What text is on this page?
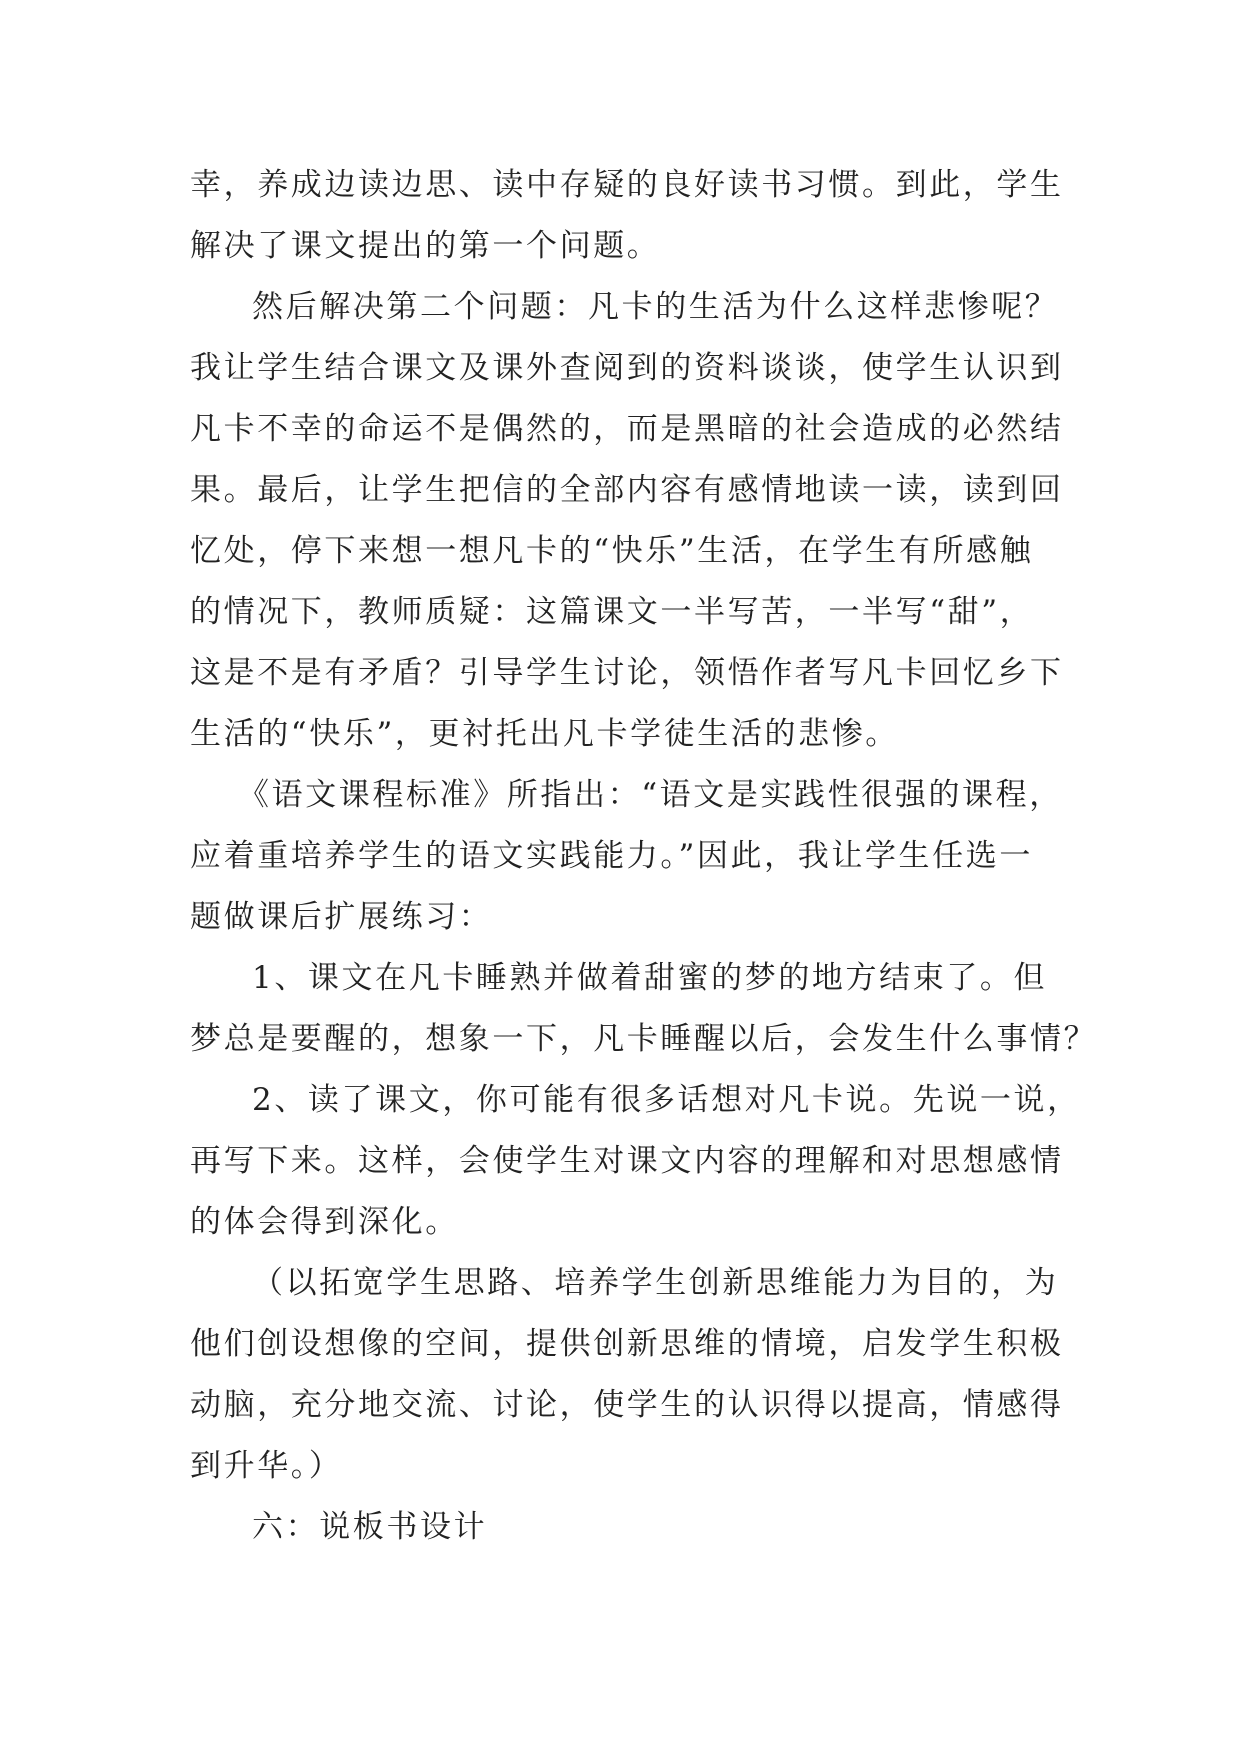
幸，养成边读边思、读中存疑的良好读书习惯。到此，学生
解决了课文提出的第一个问题。
然后解决第二个问题：凡卡的生活为什么这样悲惨呢？
我让学生结合课文及课外查阅到的资料谈谈，使学生认识到
凡卡不幸的命运不是偶然的，而是黑暗的社会造成的必然结
果。最后，让学生把信的全部内容有感情地读一读，读到回
忆处，停下来想一想凡卡的“快乐”生活，在学生有所感触
的情况下，教师质疑：这篇课文一半写苦，一半写“甜”，
这是不是有矛盾？引导学生讨论，领悟作者写凡卡回忆乡下
生活的“快乐”，更衬托出凡卡学徒生活的悲惨。
《语文课程标准》所指出：“语文是实践性很强的课程，
应着重培养学生的语文实践能力。”因此，我让学生任选一
题做课后扩展练习：
1、课文在凡卡睡熟并做着甜蜜的梦的地方结束了。但
梦总是要醒的，想象一下，凡卡睡醒以后，会发生什么事情？
2、读了课文，你可能有很多话想对凡卡说。先说一说，
再写下来。这样，会使学生对课文内容的理解和对思想感情
的体会得到深化。
（以拓宽学生思路、培养学生创新思维能力为目的，为
他们创设想像的空间，提供创新思维的情境，启发学生积极
动脑，充分地交流、讨论，使学生的认识得以提高，情感得
到升华。）
六：说板书设计
